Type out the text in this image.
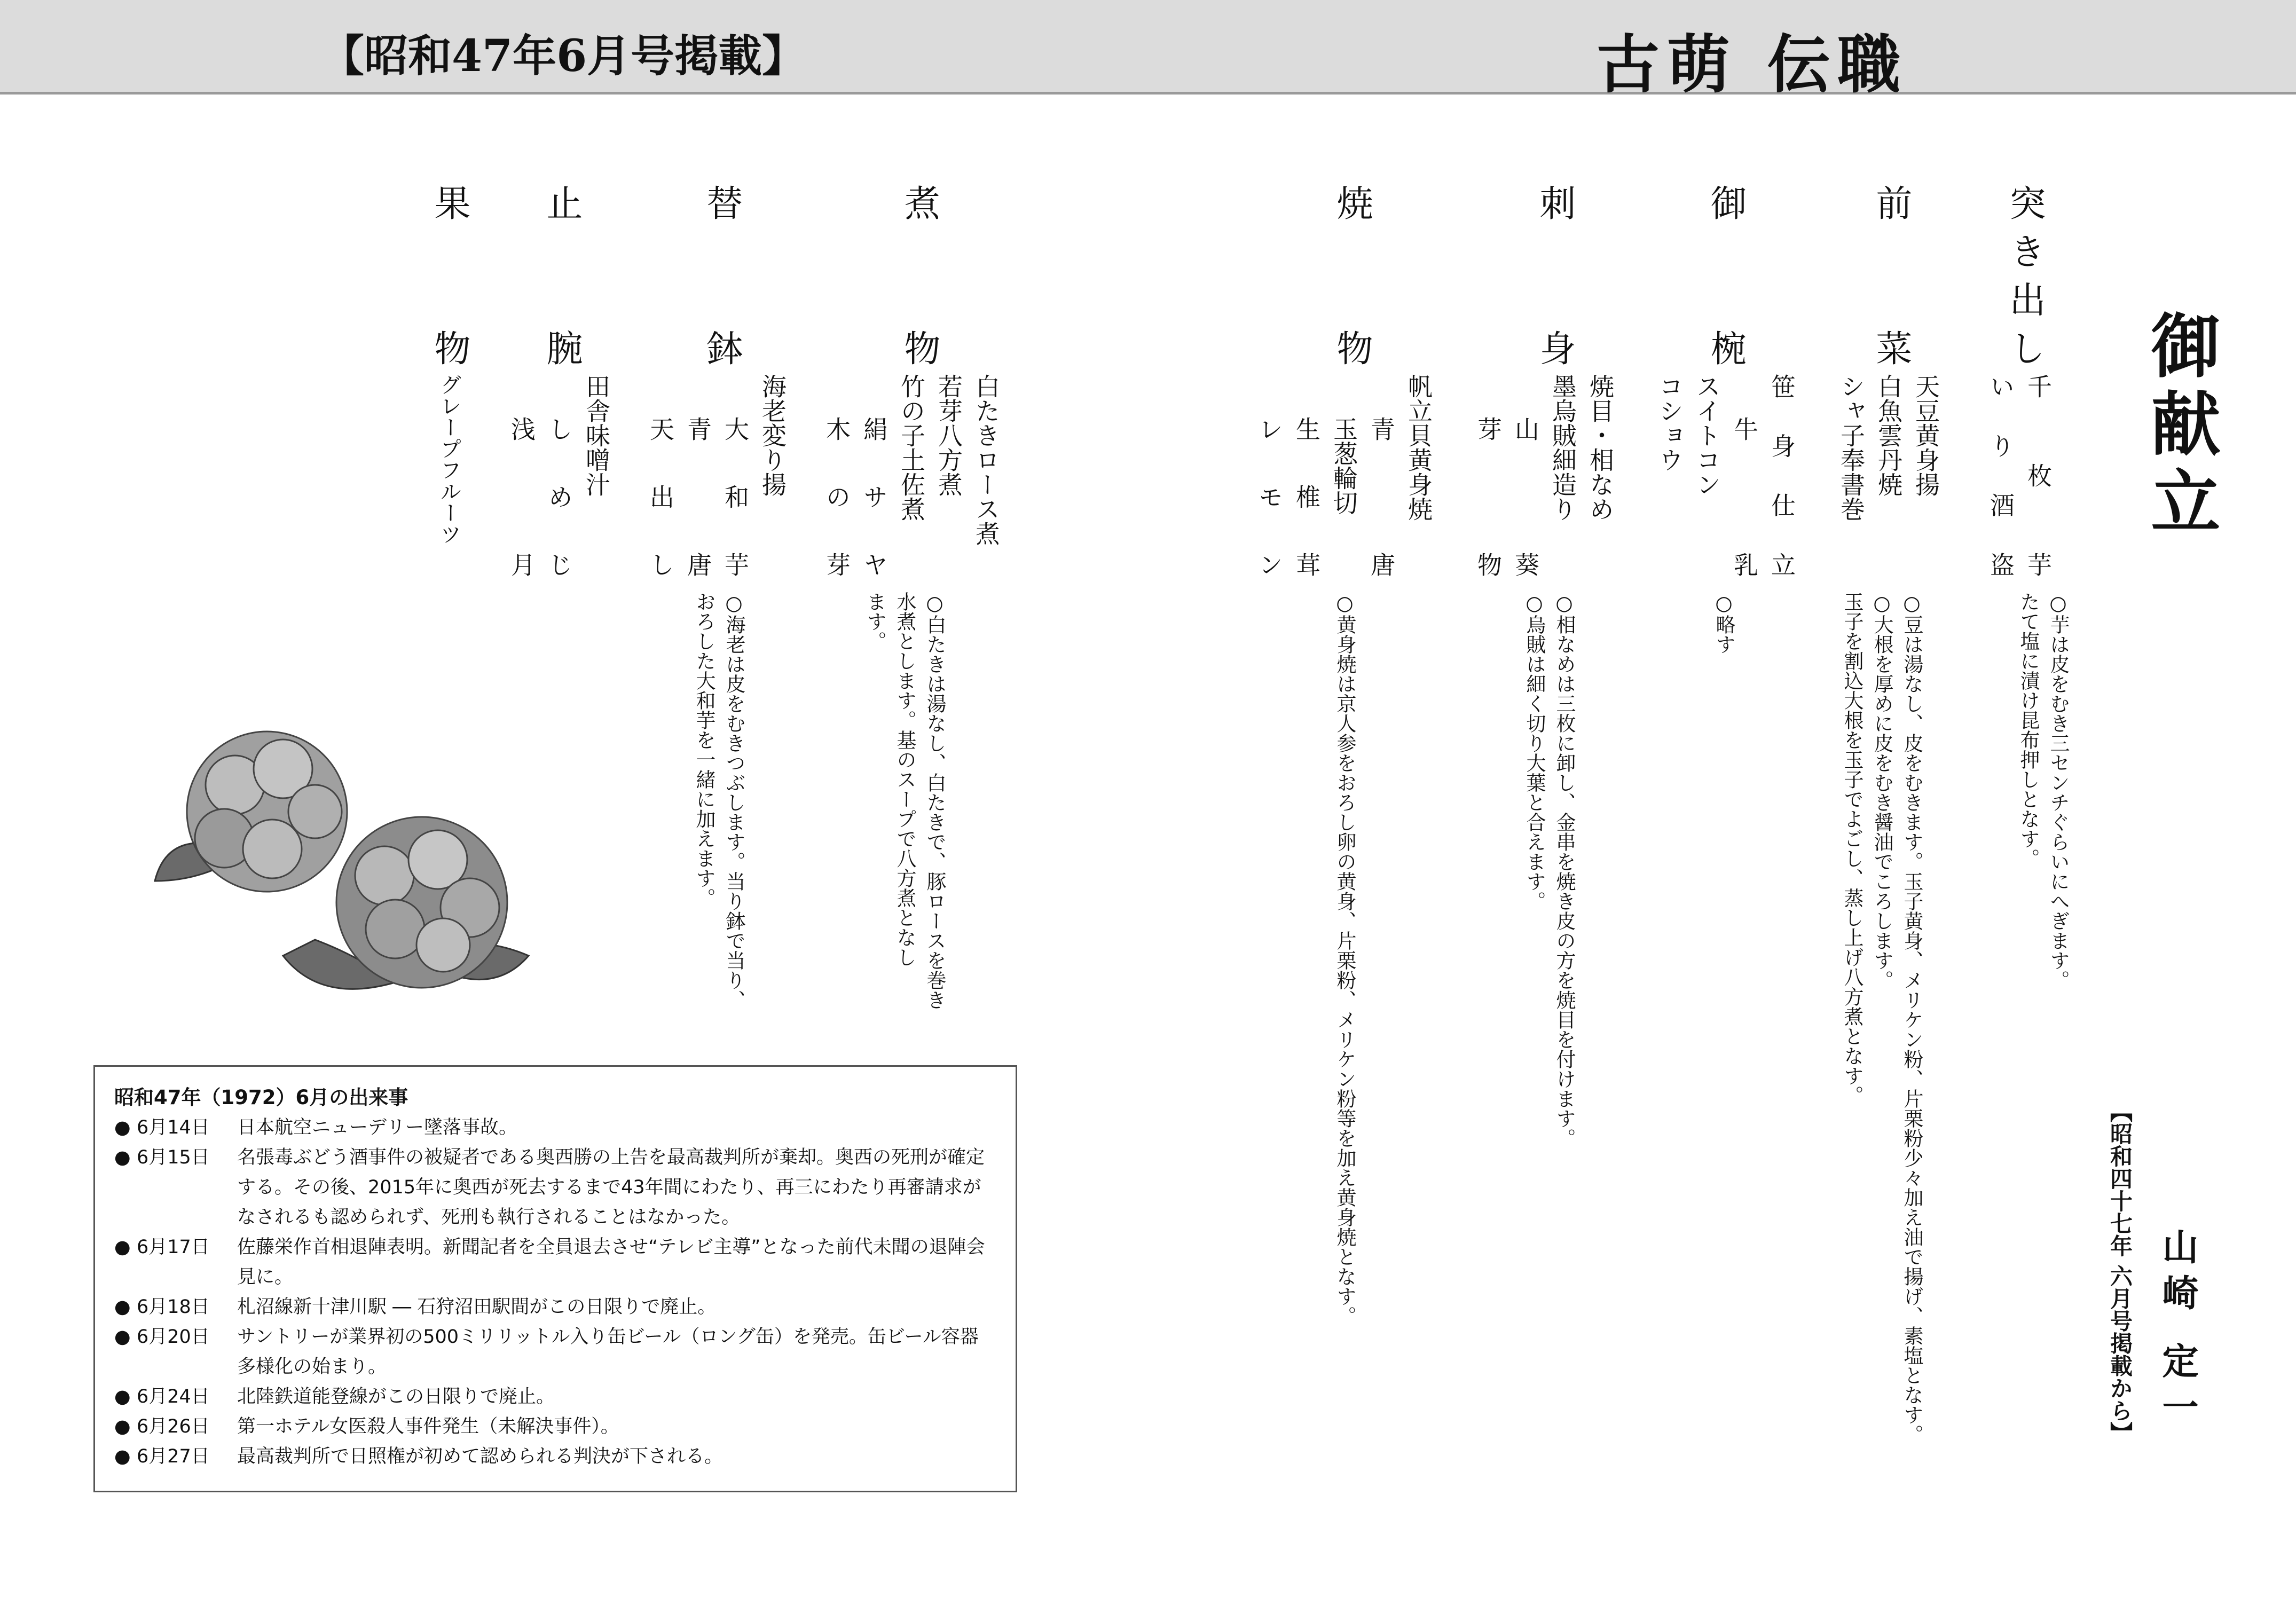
【昭和47年6月号掲載】	古萌 伝職
御献立
【昭和四十七年 六月号掲載から】 山崎 定一
突き出し
前菜
御椀
刺身
焼物
煮物
替鉢
止腕
果物
千枚芋
いり酒盗
天豆黄身揚
白魚雲丹焼
シャ子奉書巻
笹身仕立
牛乳
スイトコン
コショウ
焼目・相なめ
墨烏賊細造り
山葵
芽物
帆立貝黄身焼
青唐
玉葱輪切
生椎茸
レモン
白たきロース煮
若芽八方煮
竹の子土佐煮
絹サヤ
木の芽
海老変り揚
大和芋
青唐
天出し
田舎味噌汁
しめじ
浅月
グレープフルーツ
○芋は皮をむき三センチぐらいにへぎます。
たて塩に漬け昆布押しとなす。
○豆は湯なし、皮をむきます。玉子黄身、メリケン粉、片栗粉少々加え油で揚げ、素塩となす。
○大根を厚めに皮をむき醤油でころします。
玉子を割込大根を玉子でよごし、蒸し上げ八方煮となす。
○略す
○相なめは三枚に卸し、金串を焼き皮の方を焼目を付けます。
○烏賊は細く切り大葉と合えます。
○黄身焼は京人参をおろし卵の黄身、片栗粉、メリケン粉等を加え黄身焼となす。
○白たきは湯なし、白たきで、豚ロースを巻き
水煮とします。基のスープで八方煮となし
ます。
○海老は皮をむきつぶします。当り鉢で当り、
おろした大和芋を一緒に加えます。
昭和47年（1972）6月の出来事
● 6月14日 日本航空ニューデリー墜落事故。
● 6月15日 名張毒ぶどう酒事件の被疑者である奥西勝の上告を最高裁判所が棄却。奥西の死刑が確定する。その後、2015年に奥西が死去するまで43年間にわたり、再三にわたり再審請求がなされるも認められず、死刑も執行されることはなかった。
● 6月17日 佐藤栄作首相退陣表明。新聞記者を全員退去させ“テレビ主導”となった前代未聞の退陣会見に。
● 6月18日 札沼線新十津川駅 ― 石狩沼田駅間がこの日限りで廃止。
● 6月20日 サントリーが業界初の500ミリリットル入り缶ビール（ロング缶）を発売。缶ビール容器多様化の始まり。
● 6月24日 北陸鉄道能登線がこの日限りで廃止。
● 6月26日 第一ホテル女医殺人事件発生（未解決事件）。
● 6月27日 最高裁判所で日照権が初めて認められる判決が下される。
